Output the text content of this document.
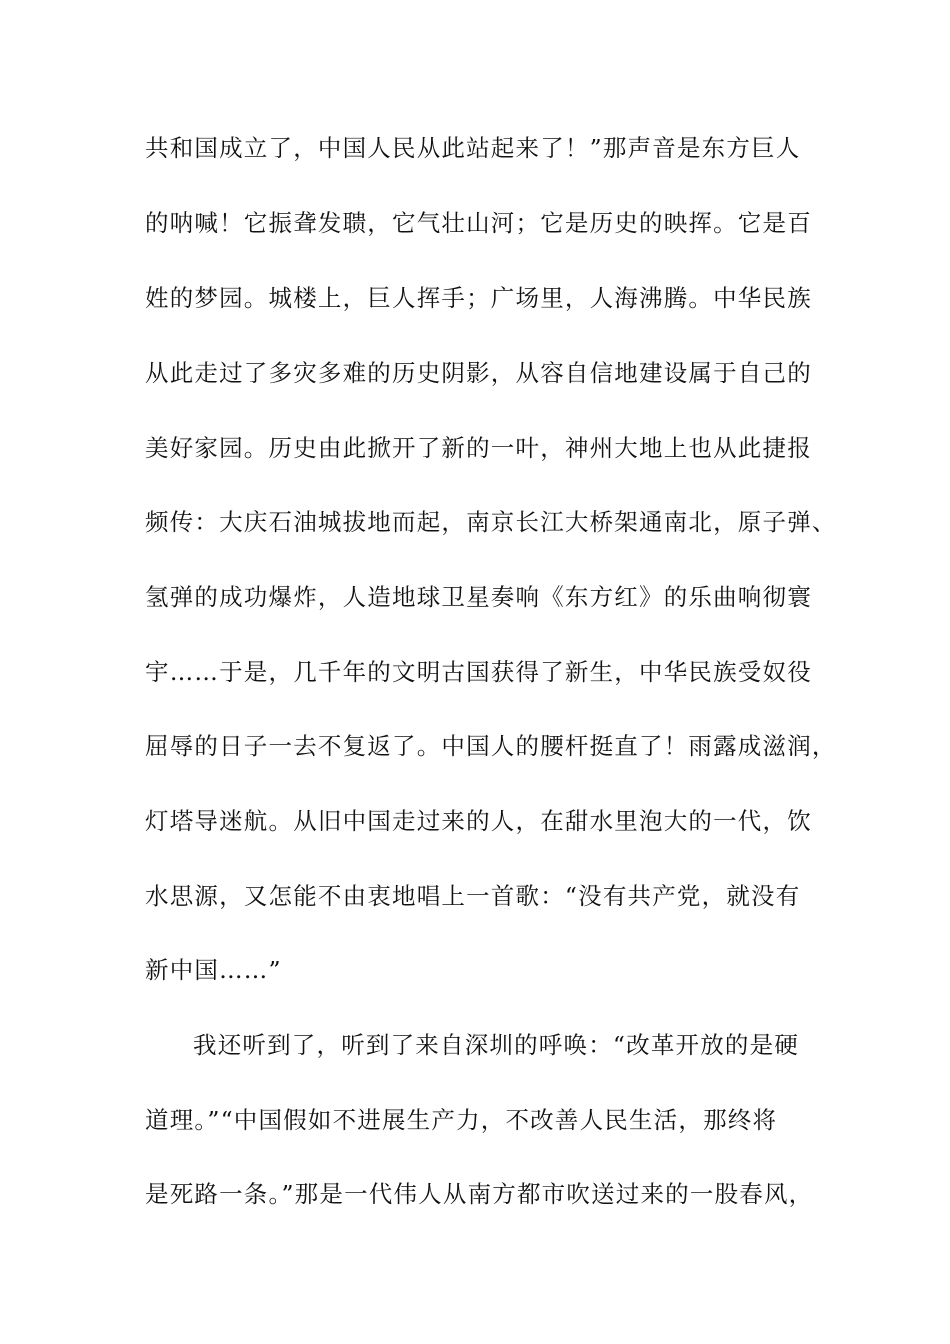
共和国成立了，中国人民从此站起来了！”那声音是东方巨人
的呐喊！它振聋发聩，它气壮山河；它是历史的映挥。它是百
姓的梦园。城楼上，巨人挥手；广场里，人海沸腾。中华民族
从此走过了多灾多难的历史阴影，从容自信地建设属于自己的
美好家园。历史由此掀开了新的一叶，神州大地上也从此捷报
频传：大庆石油城拔地而起，南京长江大桥架通南北，原子弹、
氢弹的成功爆炸，人造地球卫星奏响《东方红》的乐曲响彻寰
宇……于是，几千年的文明古国获得了新生，中华民族受奴役
屈辱的日子一去不复返了。中国人的腰杆挺直了！雨露成滋润，
灯塔导迷航。从旧中国走过来的人，在甜水里泡大的一代，饮
水思源，又怎能不由衷地唱上一首歌：“没有共产党，就没有
新中国……”
我还听到了，听到了来自深圳的呼唤：“改革开放的是硬
道理。”“中国假如不进展生产力，不改善人民生活，那终将
是死路一条。”那是一代伟人从南方都市吹送过来的一股春风，
